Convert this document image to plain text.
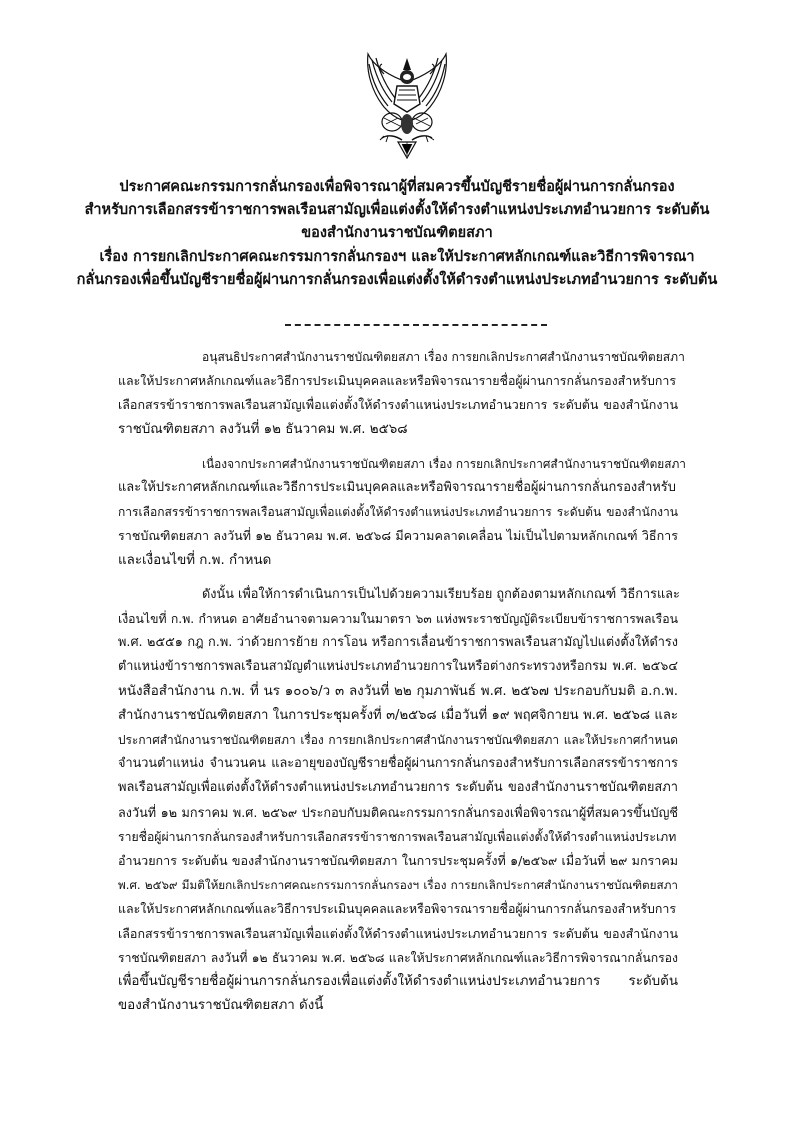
ประกาศคณะกรรมการกลั่นกรองเพื่อพิจารณาผู้ที่สมควรขึ้นบัญชีรายชื่อผู้ผ่านการกลั่นกรอง
สำหรับการเลือกสรรข้าราชการพลเรือนสามัญเพื่อแต่งตั้งให้ดำรงตำแหน่งประเภทอำนวยการ ระดับต้น
ของสำนักงานราชบัณฑิตยสภา
เรื่อง การยกเลิกประกาศคณะกรรมการกลั่นกรองฯ และให้ประกาศหลักเกณฑ์และวิธีการพิจารณา
กลั่นกรองเพื่อขึ้นบัญชีรายชื่อผู้ผ่านการกลั่นกรองเพื่อแต่งตั้งให้ดำรงตำแหน่งประเภทอำนวยการ ระดับต้น
อนุสนธิประกาศสำนักงานราชบัณฑิตยสภา เรื่อง การยกเลิกประกาศสำนักงานราชบัณฑิตยสภา
และให้ประกาศหลักเกณฑ์และวิธีการประเมินบุคคลและหรือพิจารณารายชื่อผู้ผ่านการกลั่นกรองสำหรับการ
เลือกสรรข้าราชการพลเรือนสามัญเพื่อแต่งตั้งให้ดำรงตำแหน่งประเภทอำนวยการ ระดับต้น ของสำนักงาน
ราชบัณฑิตยสภา ลงวันที่ ๑๒ ธันวาคม พ.ศ. ๒๕๖๘
เนื่องจากประกาศสำนักงานราชบัณฑิตยสภา เรื่อง การยกเลิกประกาศสำนักงานราชบัณฑิตยสภา
และให้ประกาศหลักเกณฑ์และวิธีการประเมินบุคคลและหรือพิจารณารายชื่อผู้ผ่านการกลั่นกรองสำหรับ
การเลือกสรรข้าราชการพลเรือนสามัญเพื่อแต่งตั้งให้ดำรงตำแหน่งประเภทอำนวยการ ระดับต้น ของสำนักงาน
ราชบัณฑิตยสภา ลงวันที่ ๑๒ ธันวาคม พ.ศ. ๒๕๖๘ มีความคลาดเคลื่อน ไม่เป็นไปตามหลักเกณฑ์ วิธีการ
และเงื่อนไขที่ ก.พ. กำหนด
ดังนั้น เพื่อให้การดำเนินการเป็นไปด้วยความเรียบร้อย ถูกต้องตามหลักเกณฑ์ วิธีการและ
เงื่อนไขที่ ก.พ. กำหนด อาศัยอำนาจตามความในมาตรา ๖๓ แห่งพระราชบัญญัติระเบียบข้าราชการพลเรือน
พ.ศ. ๒๕๕๑ กฎ ก.พ. ว่าด้วยการย้าย การโอน หรือการเลื่อนข้าราชการพลเรือนสามัญไปแต่งตั้งให้ดำรง
ตำแหน่งข้าราชการพลเรือนสามัญตำแหน่งประเภทอำนวยการในหรือต่างกระทรวงหรือกรม พ.ศ. ๒๕๖๔
หนังสือสำนักงาน ก.พ. ที่ นร ๑๐๐๖/ว ๓ ลงวันที่ ๒๒ กุมภาพันธ์ พ.ศ. ๒๕๖๗ ประกอบกับมติ อ.ก.พ.
สำนักงานราชบัณฑิตยสภา ในการประชุมครั้งที่ ๓/๒๕๖๘ เมื่อวันที่ ๑๙ พฤศจิกายน พ.ศ. ๒๕๖๘ และ
ประกาศสำนักงานราชบัณฑิตยสภา เรื่อง การยกเลิกประกาศสำนักงานราชบัณฑิตยสภา และให้ประกาศกำหนด
จำนวนตำแหน่ง จำนวนคน และอายุของบัญชีรายชื่อผู้ผ่านการกลั่นกรองสำหรับการเลือกสรรข้าราชการ
พลเรือนสามัญเพื่อแต่งตั้งให้ดำรงตำแหน่งประเภทอำนวยการ ระดับต้น ของสำนักงานราชบัณฑิตยสภา
ลงวันที่ ๑๒ มกราคม พ.ศ. ๒๕๖๙ ประกอบกับมติคณะกรรมการกลั่นกรองเพื่อพิจารณาผู้ที่สมควรขึ้นบัญชี
รายชื่อผู้ผ่านการกลั่นกรองสำหรับการเลือกสรรข้าราชการพลเรือนสามัญเพื่อแต่งตั้งให้ดำรงตำแหน่งประเภท
อำนวยการ ระดับต้น ของสำนักงานราชบัณฑิตยสภา ในการประชุมครั้งที่ ๑/๒๕๖๙ เมื่อวันที่ ๒๙ มกราคม
พ.ศ. ๒๕๖๙ มีมติให้ยกเลิกประกาศคณะกรรมการกลั่นกรองฯ เรื่อง การยกเลิกประกาศสำนักงานราชบัณฑิตยสภา
และให้ประกาศหลักเกณฑ์และวิธีการประเมินบุคคลและหรือพิจารณารายชื่อผู้ผ่านการกลั่นกรองสำหรับการ
เลือกสรรข้าราชการพลเรือนสามัญเพื่อแต่งตั้งให้ดำรงตำแหน่งประเภทอำนวยการ ระดับต้น ของสำนักงาน
ราชบัณฑิตยสภา ลงวันที่ ๑๒ ธันวาคม พ.ศ. ๒๕๖๘ และให้ประกาศหลักเกณฑ์และวิธีการพิจารณากลั่นกรอง
เพื่อขึ้นบัญชีรายชื่อผู้ผ่านการกลั่นกรองเพื่อแต่งตั้งให้ดำรงตำแหน่งประเภทอำนวยการ ระดับต้น
ของสำนักงานราชบัณฑิตยสภา ดังนี้
